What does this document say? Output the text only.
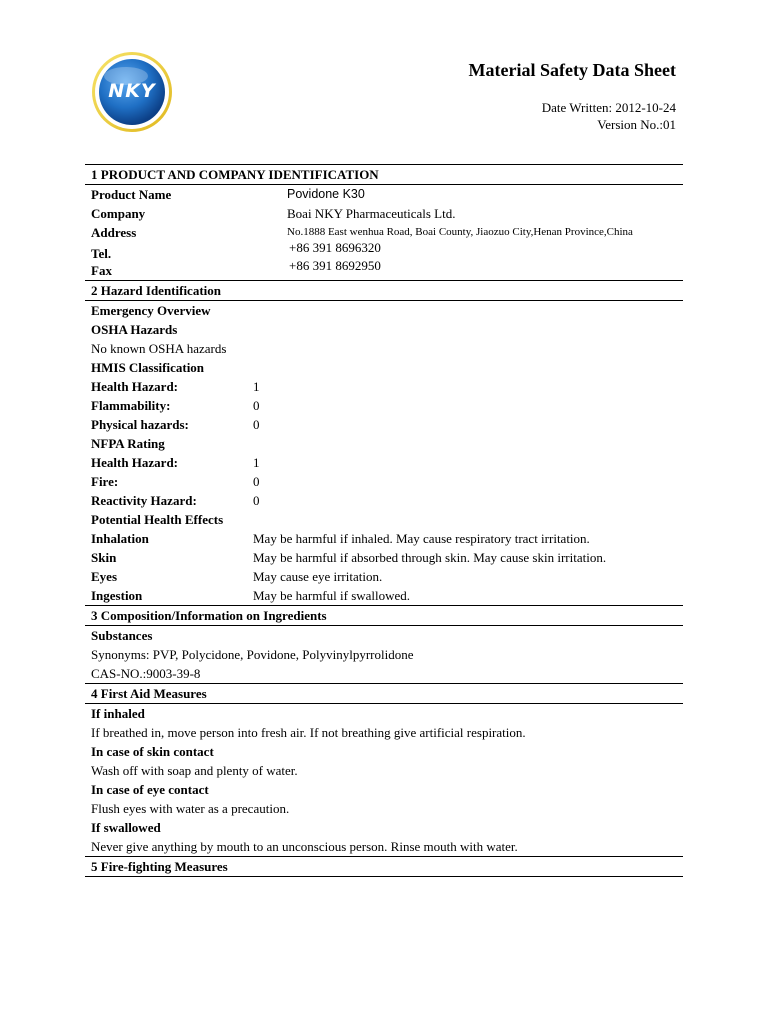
NKY
Material Safety Data Sheet
Date Written: 2012-10-24
Version No.:01
1 PRODUCT AND COMPANY IDENTIFICATION
Product Name	Povidone K30
Company	Boai NKY Pharmaceuticals Ltd.
Address	No.1888 East wenhua Road, Boai County, Jiaozuo City,Henan Province,China
Tel.	+86 391 8696320
Fax	+86 391 8692950
2 Hazard Identification
Emergency Overview
OSHA Hazards
No known OSHA hazards
HMIS Classification
Health Hazard:	1
Flammability:	0
Physical hazards:	0
NFPA Rating
Health Hazard:	1
Fire:	0
Reactivity Hazard:	0
Potential Health Effects
Inhalation	May be harmful if inhaled. May cause respiratory tract irritation.
Skin	May be harmful if absorbed through skin. May cause skin irritation.
Eyes	May cause eye irritation.
Ingestion	May be harmful if swallowed.
3 Composition/Information on Ingredients
Substances
Synonyms: PVP, Polycidone, Povidone, Polyvinylpyrrolidone
CAS-NO.:9003-39-8
4 First Aid Measures
If inhaled
If breathed in, move person into fresh air. If not breathing give artificial respiration.
In case of skin contact
Wash off with soap and plenty of water.
In case of eye contact
Flush eyes with water as a precaution.
If swallowed
Never give anything by mouth to an unconscious person. Rinse mouth with water.
5 Fire-fighting Measures
